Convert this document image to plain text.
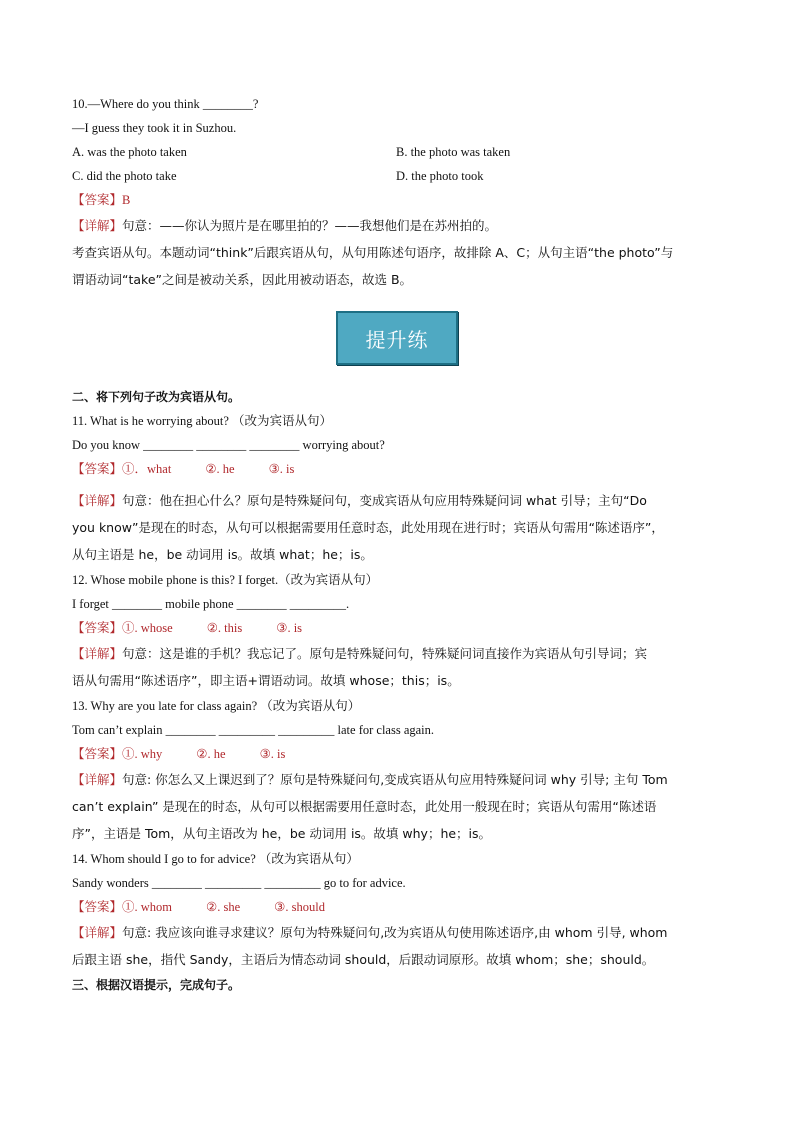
10.—Where do you think ________?
—I guess they took it in Suzhou.
A. was the photo taken	B. the photo was taken
C. did the photo take	D. the photo took
【答案】B
【详解】句意：——你认为照片是在哪里拍的？——我想他们是在苏州拍的。
考查宾语从句。本题动词“think”后跟宾语从句，从句用陈述句语序，故排除 A、C；从句主语“the photo”与
谓语动词“take”之间是被动关系，因此用被动语态，故选 B。
提升练
二、将下列句子改为宾语从句。
11. What is he worrying about? （改为宾语从句）
Do you know ________ ________ ________ worrying about?
【答案】①．what	②. he	③. is
【详解】句意：他在担心什么？原句是特殊疑问句，变成宾语从句应用特殊疑问词 what 引导；主句“Do
you know”是现在的时态，从句可以根据需要用任意时态，此处用现在进行时；宾语从句需用“陈述语序”，
从句主语是 he，be 动词用 is。故填 what；he；is。
12. Whose mobile phone is this? I forget.（改为宾语从句）
I forget ________ mobile phone ________ _________.
【答案】①. whose	②. this	③. is
【详解】句意：这是谁的手机？我忘记了。原句是特殊疑问句，特殊疑问词直接作为宾语从句引导词；宾
语从句需用“陈述语序”，即主语+谓语动词。故填 whose；this；is。
13. Why are you late for class again? （改为宾语从句）
Tom can’t explain ________ _________ _________ late for class again.
【答案】①. why	②. he	③. is
【详解】句意: 你怎么又上课迟到了？原句是特殊疑问句,变成宾语从句应用特殊疑问词 why 引导; 主句 Tom
can’t explain” 是现在的时态，从句可以根据需要用任意时态，此处用一般现在时；宾语从句需用“陈述语
序”，主语是 Tom，从句主语改为 he，be 动词用 is。故填 why；he；is。
14. Whom should I go to for advice? （改为宾语从句）
Sandy wonders ________ _________ _________ go to for advice.
【答案】①. whom	②. she	③. should
【详解】句意: 我应该向谁寻求建议？原句为特殊疑问句,改为宾语从句使用陈述语序,由 whom 引导, whom
后跟主语 she，指代 Sandy，主语后为情态动词 should，后跟动词原形。故填 whom；she；should。
三、根据汉语提示，完成句子。
